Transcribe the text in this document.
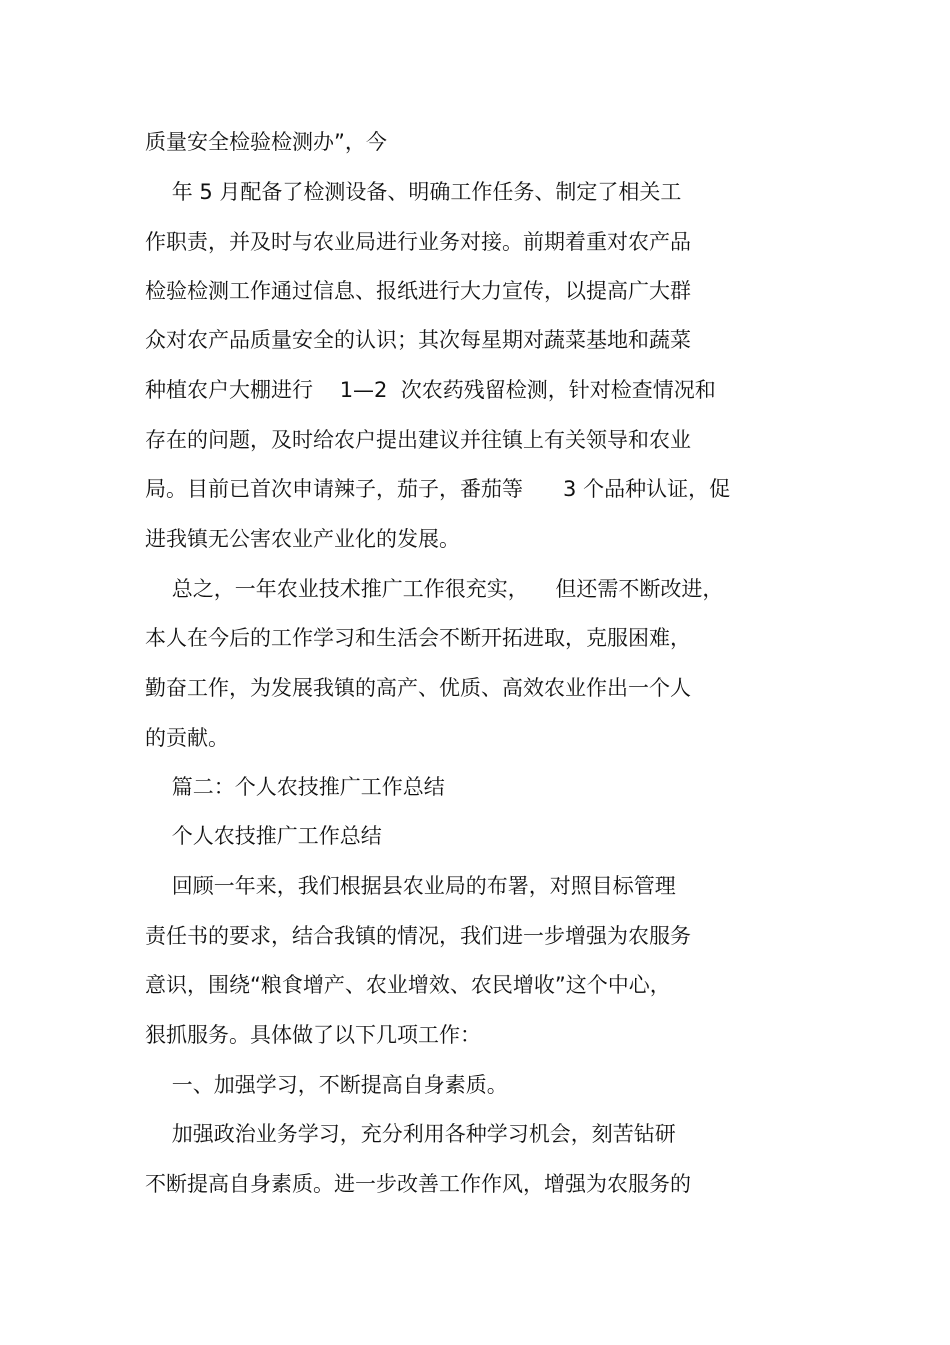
质量安全检验检测办”，今
年 5 月配备了检测设备、明确工作任务、制定了相关工
作职责，并及时与农业局进行业务对接。前期着重对农产品
检验检测工作通过信息、报纸进行大力宣传，以提高广大群
众对农产品质量安全的认识；其次每星期对蔬菜基地和蔬菜
种植农户大棚进行    1—2  次农药残留检测，针对检查情况和
存在的问题，及时给农户提出建议并往镇上有关领导和农业
局。目前已首次申请辣子，茄子，番茄等      3 个品种认证，促
进我镇无公害农业产业化的发展。
总之，一年农业技术推广工作很充实，    但还需不断改进，
本人在今后的工作学习和生活会不断开拓进取，克服困难，
勤奋工作，为发展我镇的高产、优质、高效农业作出一个人
的贡献。
篇二：个人农技推广工作总结
个人农技推广工作总结
回顾一年来，我们根据县农业局的布署，对照目标管理
责任书的要求，结合我镇的情况，我们进一步增强为农服务
意识，围绕“粮食增产、农业增效、农民增收”这个中心，
狠抓服务。具体做了以下几项工作：
一、加强学习，不断提高自身素质。
加强政治业务学习，充分利用各种学习机会，刻苦钻研
不断提高自身素质。进一步改善工作作风，增强为农服务的
